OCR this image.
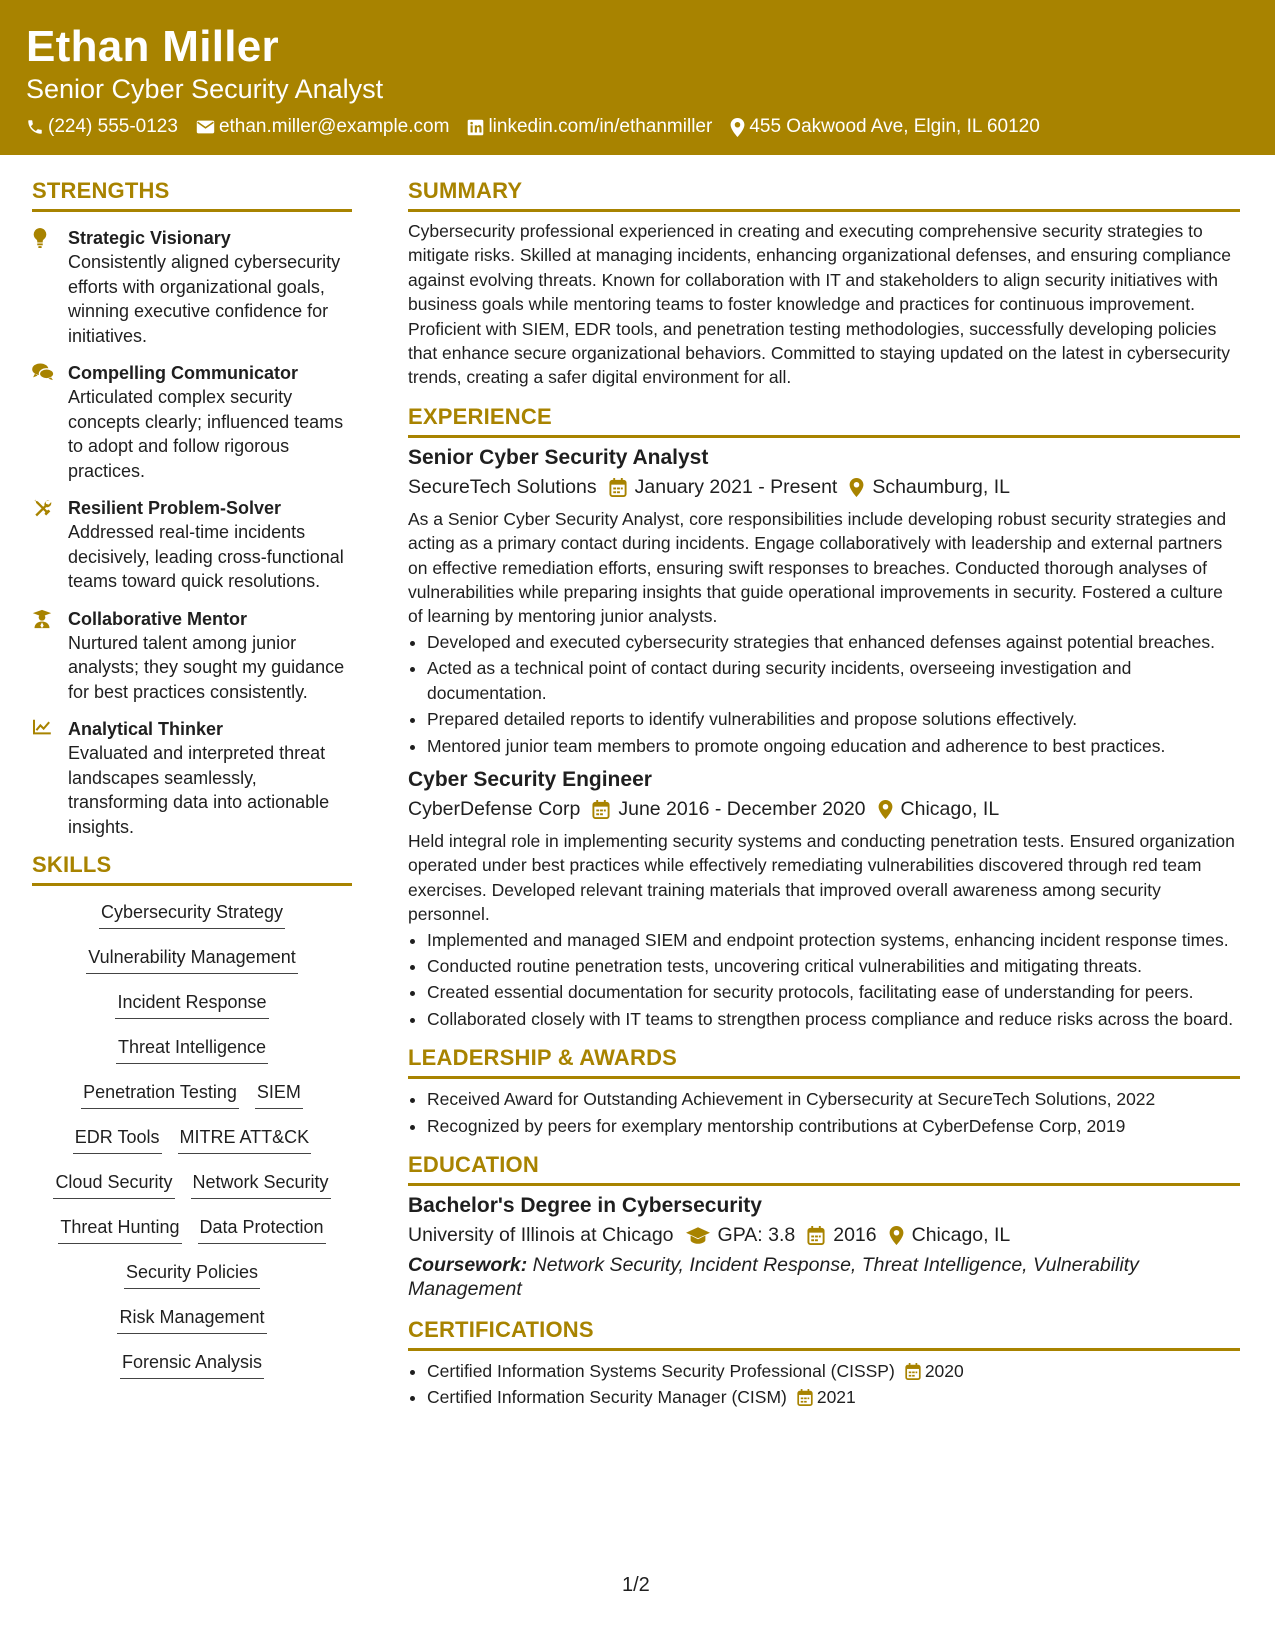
Ethan Miller
Senior Cyber Security Analyst
(224) 555-0123 ethan.miller@example.com linkedin.com/in/ethanmiller 455 Oakwood Ave, Elgin, IL 60120
STRENGTHS
Strategic Visionary
Consistently aligned cybersecurity efforts with organizational goals, winning executive confidence for initiatives.
Compelling Communicator
Articulated complex security concepts clearly; influenced teams to adopt and follow rigorous practices.
Resilient Problem-Solver
Addressed real-time incidents decisively, leading cross-functional teams toward quick resolutions.
Collaborative Mentor
Nurtured talent among junior analysts; they sought my guidance for best practices consistently.
Analytical Thinker
Evaluated and interpreted threat landscapes seamlessly, transforming data into actionable insights.
SKILLS
Cybersecurity Strategy
Vulnerability Management
Incident Response
Threat Intelligence
Penetration Testing SIEM
EDR Tools MITRE ATT&CK
Cloud Security Network Security
Threat Hunting Data Protection
Security Policies
Risk Management
Forensic Analysis
SUMMARY

Cybersecurity professional experienced in creating and executing comprehensive security strategies to mitigate risks. Skilled at managing incidents, enhancing organizational defenses, and ensuring compliance against evolving threats. Known for collaboration with IT and stakeholders to align security initiatives with business goals while mentoring teams to foster knowledge and practices for continuous improvement. Proficient with SIEM, EDR tools, and penetration testing methodologies, successfully developing policies that enhance secure organizational behaviors. Committed to staying updated on the latest in cybersecurity trends, creating a safer digital environment for all.

EXPERIENCE
Senior Cyber Security Analyst
SecureTech Solutions January 2021 - Present Schaumburg, IL

As a Senior Cyber Security Analyst, core responsibilities include developing robust security strategies and acting as a primary contact during incidents. Engage collaboratively with leadership and external partners on effective remediation efforts, ensuring swift responses to breaches. Conducted thorough analyses of vulnerabilities while preparing insights that guide operational improvements in security. Fostered a culture of learning by mentoring junior analysts.

• Developed and executed cybersecurity strategies that enhanced defenses against potential breaches.
• Acted as a technical point of contact during security incidents, overseeing investigation and documentation.
• Prepared detailed reports to identify vulnerabilities and propose solutions effectively.
• Mentored junior team members to promote ongoing education and adherence to best practices.
Cyber Security Engineer
CyberDefense Corp June 2016 - December 2020 Chicago, IL

Held integral role in implementing security systems and conducting penetration tests. Ensured organization operated under best practices while effectively remediating vulnerabilities discovered through red team exercises. Developed relevant training materials that improved overall awareness among security personnel.

• Implemented and managed SIEM and endpoint protection systems, enhancing incident response times.
• Conducted routine penetration tests, uncovering critical vulnerabilities and mitigating threats.
• Created essential documentation for security protocols, facilitating ease of understanding for peers.
• Collaborated closely with IT teams to strengthen process compliance and reduce risks across the board.
LEADERSHIP & AWARDS
• Received Award for Outstanding Achievement in Cybersecurity at SecureTech Solutions, 2022
• Recognized by peers for exemplary mentorship contributions at CyberDefense Corp, 2019
EDUCATION
Bachelor's Degree in Cybersecurity
University of Illinois at Chicago GPA: 3.8 2016 Chicago, IL
Coursework: Network Security, Incident Response, Threat Intelligence, Vulnerability Management
CERTIFICATIONS
• Certified Information Systems Security Professional (CISSP) 2020
• Certified Information Security Manager (CISM) 2021
1/2
